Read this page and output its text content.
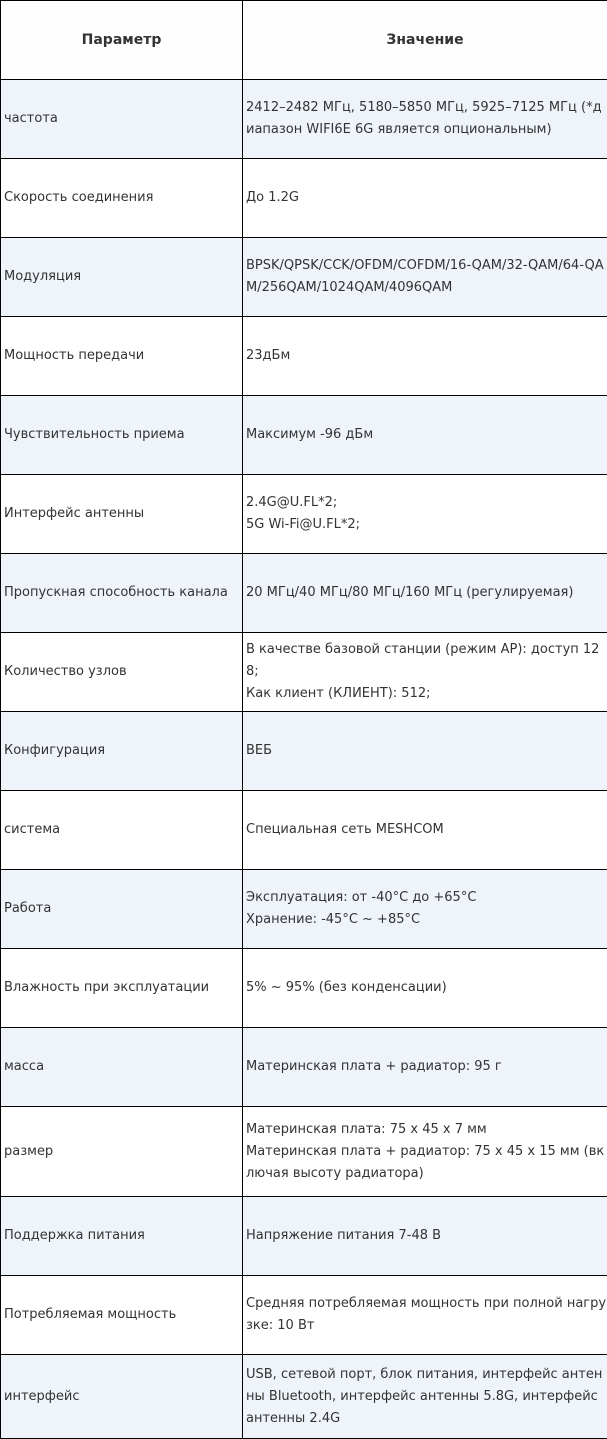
Параметр	Значение
частота	2412–2482 МГц, 5180–5850 МГц, 5925–7125 МГц (*диапазон WIFI6E 6G является опциональным)

Скорость соединения	До 1.2G

Модуляция	BPSK/QPSK/CCK/OFDM/COFDM/16-QAM/32-QAM/64-QAM/256QAM/1024QAM/4096QAM

Мощность передачи	23дБм

Чувствительность приема	Максимум -96 дБм

Интерфейс антенны	2.4G@U.FL*2;
5G Wi-Fi@U.FL*2;

Пропускная способность канала	20 МГц/40 МГц/80 МГц/160 МГц (регулируемая)

Количество узлов	В качестве базовой станции (режим AP): доступ 128;
Как клиент (КЛИЕНТ): 512;

Конфигурация	ВЕБ

система	Специальная сеть MESHCOM

Работа	Эксплуатация: от -40°C до +65°C
Хранение: -45°C ~ +85°C

Влажность при эксплуатации	5% ~ 95% (без конденсации)

масса	Материнская плата + радиатор: 95 г

размер	Материнская плата: 75 x 45 x 7 мм
Материнская плата + радиатор: 75 x 45 x 15 мм (включая высоту радиатора)

Поддержка питания	Напряжение питания 7-48 В

Потребляемая мощность	Средняя потребляемая мощность при полной нагрузке: 10 Вт

интерфейс	USB, сетевой порт, блок питания, интерфейс антенны Bluetooth, интерфейс антенны 5.8G, интерфейс антенны 2.4G
